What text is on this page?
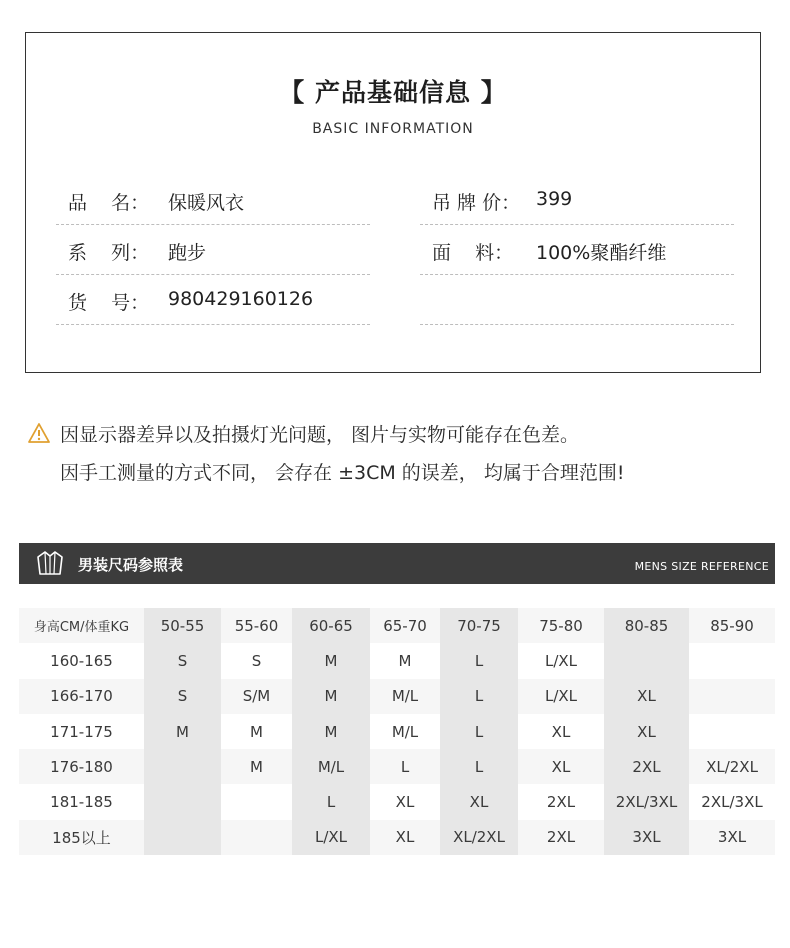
【 产品基础信息 】
BASIC INFORMATION
品    名： 保暖风衣
系    列： 跑步
货    号： 980429160126
吊 牌 价： 399
面    料： 100%聚酯纤维
因显示器差异以及拍摄灯光问题， 图片与实物可能存在色差。
因手工测量的方式不同， 会存在 ±3CM 的误差， 均属于合理范围!
男装尺码参照表	MENS SIZE REFERENCE
身高CM/体重KG	50-55	55-60	60-65	65-70	70-75	75-80	80-85	85-90
160-165	S	S	M	M	L	L/XL		
166-170	S	S/M	M	M/L	L	L/XL	XL	
171-175	M	M	M	M/L	L	XL	XL	
176-180		M	M/L	L	L	XL	2XL	XL/2XL
181-185			L	XL	XL	2XL	2XL/3XL	2XL/3XL
185以上			L/XL	XL	XL/2XL	2XL	3XL	3XL
